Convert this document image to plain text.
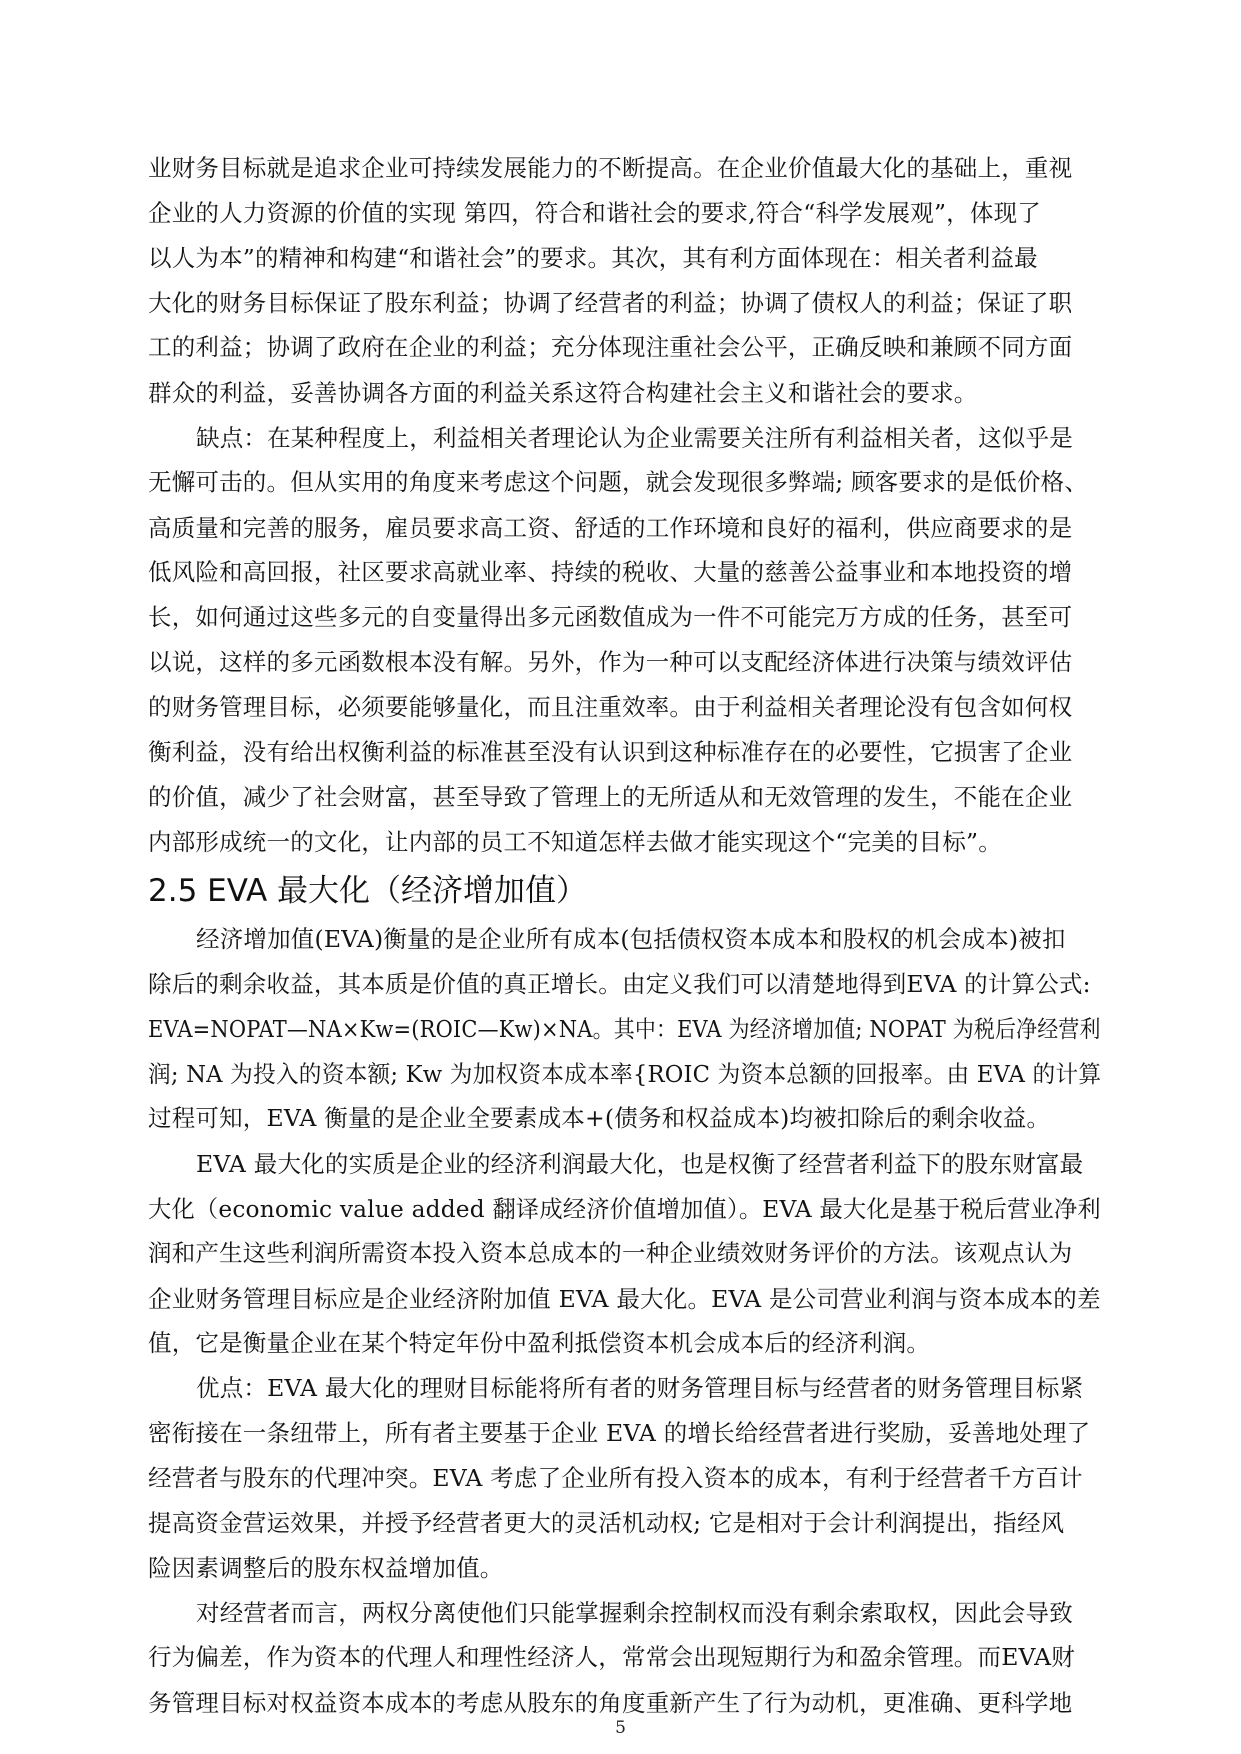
业财务目标就是追求企业可持续发展能力的不断提高。在企业价值最大化的基础上，重视
企业的人力资源的价值的实现 第四，符合和谐社会的要求,符合“科学发展观”，体现了
以人为本”的精神和构建“和谐社会”的要求。其次，其有利方面体现在：相关者利益最
大化的财务目标保证了股东利益；协调了经营者的利益；协调了债权人的利益；保证了职
工的利益；协调了政府在企业的利益；充分体现注重社会公平，正确反映和兼顾不同方面
群众的利益，妥善协调各方面的利益关系这符合构建社会主义和谐社会的要求。
缺点：在某种程度上，利益相关者理论认为企业需要关注所有利益相关者，这似乎是
无懈可击的。但从实用的角度来考虑这个问题，就会发现很多弊端; 顾客要求的是低价格、
高质量和完善的服务，雇员要求高工资、舒适的工作环境和良好的福利，供应商要求的是
低风险和高回报，社区要求高就业率、持续的税收、大量的慈善公益事业和本地投资的增
长，如何通过这些多元的自变量得出多元函数值成为一件不可能完万方成的任务，甚至可
以说，这样的多元函数根本没有解。另外，作为一种可以支配经济体进行决策与绩效评估
的财务管理目标，必须要能够量化，而且注重效率。由于利益相关者理论没有包含如何权
衡利益，没有给出权衡利益的标准甚至没有认识到这种标准存在的必要性，它损害了企业
的价值，减少了社会财富，甚至导致了管理上的无所适从和无效管理的发生，不能在企业
内部形成统一的文化，让内部的员工不知道怎样去做才能实现这个“完美的目标”。
2.5 EVA 最大化（经济增加值）
经济增加值(EVA)衡量的是企业所有成本(包括债权资本成本和股权的机会成本)被扣
除后的剩余收益，其本质是价值的真正增长。由定义我们可以清楚地得到EVA 的计算公式:
EVA=NOPAT—NA×Kw=(ROIC—Kw)×NA。其中：EVA 为经济增加值; NOPAT 为税后净经营利
润; NA 为投入的资本额; Kw 为加权资本成本率{ROIC 为资本总额的回报率。由 EVA 的计算
过程可知，EVA 衡量的是企业全要素成本+(债务和权益成本)均被扣除后的剩余收益。
EVA 最大化的实质是企业的经济利润最大化，也是权衡了经营者利益下的股东财富最
大化（economic value added 翻译成经济价值增加值）。EVA 最大化是基于税后营业净利
润和产生这些利润所需资本投入资本总成本的一种企业绩效财务评价的方法。该观点认为
企业财务管理目标应是企业经济附加值 EVA 最大化。EVA 是公司营业利润与资本成本的差
值，它是衡量企业在某个特定年份中盈利抵偿资本机会成本后的经济利润。
优点：EVA 最大化的理财目标能将所有者的财务管理目标与经营者的财务管理目标紧
密衔接在一条纽带上，所有者主要基于企业 EVA 的增长给经营者进行奖励，妥善地处理了
经营者与股东的代理冲突。EVA 考虑了企业所有投入资本的成本，有利于经营者千方百计
提高资金营运效果，并授予经营者更大的灵活机动权; 它是相对于会计利润提出，指经风
险因素调整后的股东权益增加值。
对经营者而言，两权分离使他们只能掌握剩余控制权而没有剩余索取权，因此会导致
行为偏差，作为资本的代理人和理性经济人，常常会出现短期行为和盈余管理。而EVA财
务管理目标对权益资本成本的考虑从股东的角度重新产生了行为动机，更准确、更科学地
5
